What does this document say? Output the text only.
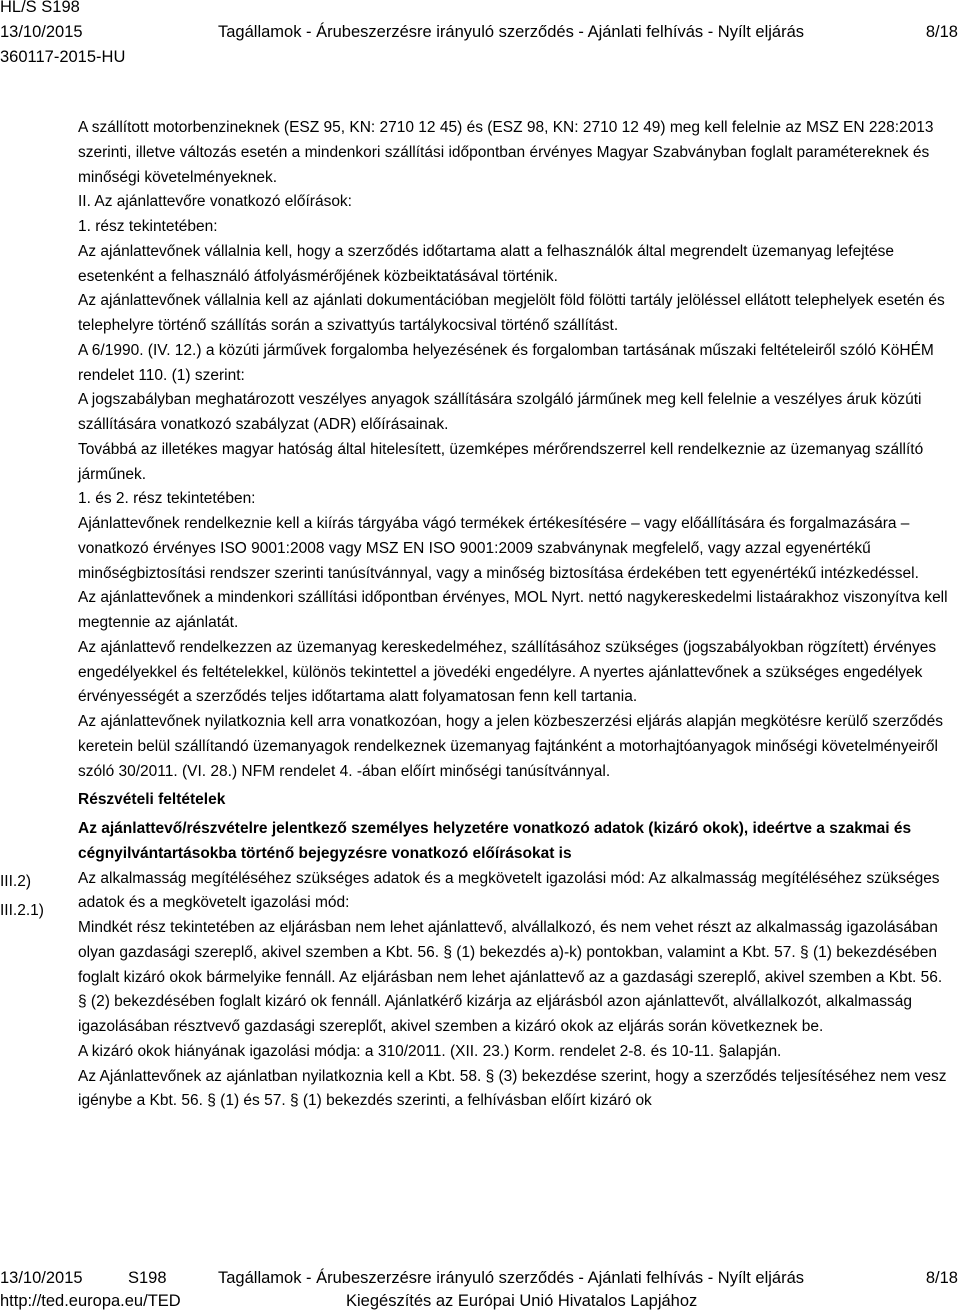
HL/S S198
13/10/2015	Tagállamok - Árubeszerzésre irányuló szerződés - Ajánlati felhívás - Nyílt eljárás	8/18
360117-2015-HU
III.2)
III.2.1)

A szállított motorbenzineknek (ESZ 95, KN: 2710 12 45) és (ESZ 98, KN: 2710 12 49) meg kell felelnie az MSZ EN 228:2013 szerinti, illetve változás esetén a mindenkori szállítási időpontban érvényes Magyar Szabványban foglalt paramétereknek és minőségi követelményeknek.

II. Az ajánlattevőre vonatkozó előírások:

1. rész tekintetében:

Az ajánlattevőnek vállalnia kell, hogy a szerződés időtartama alatt a felhasználók által megrendelt üzemanyag lefejtése esetenként a felhasználó átfolyásmérőjének közbeiktatásával történik.

Az ajánlattevőnek vállalnia kell az ajánlati dokumentációban megjelölt föld fölötti tartály jelöléssel ellátott telephelyek esetén és telephelyre történő szállítás során a szivattyús tartálykocsival történő szállítást.

A 6/1990. (IV. 12.) a közúti járművek forgalomba helyezésének és forgalomban tartásának műszaki feltételeiről szóló KöHÉM rendelet 110. (1) szerint:

A jogszabályban meghatározott veszélyes anyagok szállítására szolgáló járműnek meg kell felelnie a veszélyes áruk közúti szállítására vonatkozó szabályzat (ADR) előírásainak.

Továbbá az illetékes magyar hatóság által hitelesített, üzemképes mérőrendszerrel kell rendelkeznie az üzemanyag szállító járműnek.

1. és 2. rész tekintetében:

Ajánlattevőnek rendelkeznie kell a kiírás tárgyába vágó termékek értékesítésére – vagy előállítására és forgalmazására – vonatkozó érvényes ISO 9001:2008 vagy MSZ EN ISO 9001:2009 szabványnak megfelelő, vagy azzal egyenértékű minőségbiztosítási rendszer szerinti tanúsítvánnyal, vagy a minőség biztosítása érdekében tett egyenértékű intézkedéssel.

Az ajánlattevőnek a mindenkori szállítási időpontban érvényes, MOL Nyrt. nettó nagykereskedelmi listaárakhoz viszonyítva kell megtennie az ajánlatát.

Az ajánlattevő rendelkezzen az üzemanyag kereskedelméhez, szállításához szükséges (jogszabályokban rögzített) érvényes engedélyekkel és feltételekkel, különös tekintettel a jövedéki engedélyre. A nyertes ajánlattevőnek a szükséges engedélyek érvényességét a szerződés teljes időtartama alatt folyamatosan fenn kell tartania.

Az ajánlattevőnek nyilatkoznia kell arra vonatkozóan, hogy a jelen közbeszerzési eljárás alapján megkötésre kerülő szerződés keretein belül szállítandó üzemanyagok rendelkeznek üzemanyag fajtánként a motorhajtóanyagok minőségi követelményeiről szóló 30/2011. (VI. 28.) NFM rendelet 4. -ában előírt minőségi tanúsítvánnyal.

Részvételi feltételek

Az ajánlattevő/részvételre jelentkező személyes helyzetére vonatkozó adatok (kizáró okok), ideértve a szakmai és cégnyilvántartásokba történő bejegyzésre vonatkozó előírásokat is

Az alkalmasság megítéléséhez szükséges adatok és a megkövetelt igazolási mód: Az alkalmasság megítéléséhez szükséges adatok és a megkövetelt igazolási mód:

Mindkét rész tekintetében az eljárásban nem lehet ajánlattevő, alvállalkozó, és nem vehet részt az alkalmasság igazolásában olyan gazdasági szereplő, akivel szemben a Kbt. 56. § (1) bekezdés a)-k) pontokban, valamint a Kbt. 57. § (1) bekezdésében foglalt kizáró okok bármelyike fennáll. Az eljárásban nem lehet ajánlattevő az a gazdasági szereplő, akivel szemben a Kbt. 56. § (2) bekezdésében foglalt kizáró ok fennáll. Ajánlatkérő kizárja az eljárásból azon ajánlattevőt, alvállalkozót, alkalmasság igazolásában résztvevő gazdasági szereplőt, akivel szemben a kizáró okok az eljárás során következnek be.

A kizáró okok hiányának igazolási módja: a 310/2011. (XII. 23.) Korm. rendelet 2-8. és 10-11. §alapján.

Az Ajánlattevőnek az ajánlatban nyilatkoznia kell a Kbt. 58. § (3) bekezdése szerint, hogy a szerződés teljesítéséhez nem vesz igénybe a Kbt. 56. § (1) és 57. § (1) bekezdés szerinti, a felhívásban előírt kizáró ok

13/10/2015	S198	Tagállamok - Árubeszerzésre irányuló szerződés - Ajánlati felhívás - Nyílt eljárás	8/18
http://ted.europa.eu/TED	Kiegészítés az Európai Unió Hivatalos Lapjához
